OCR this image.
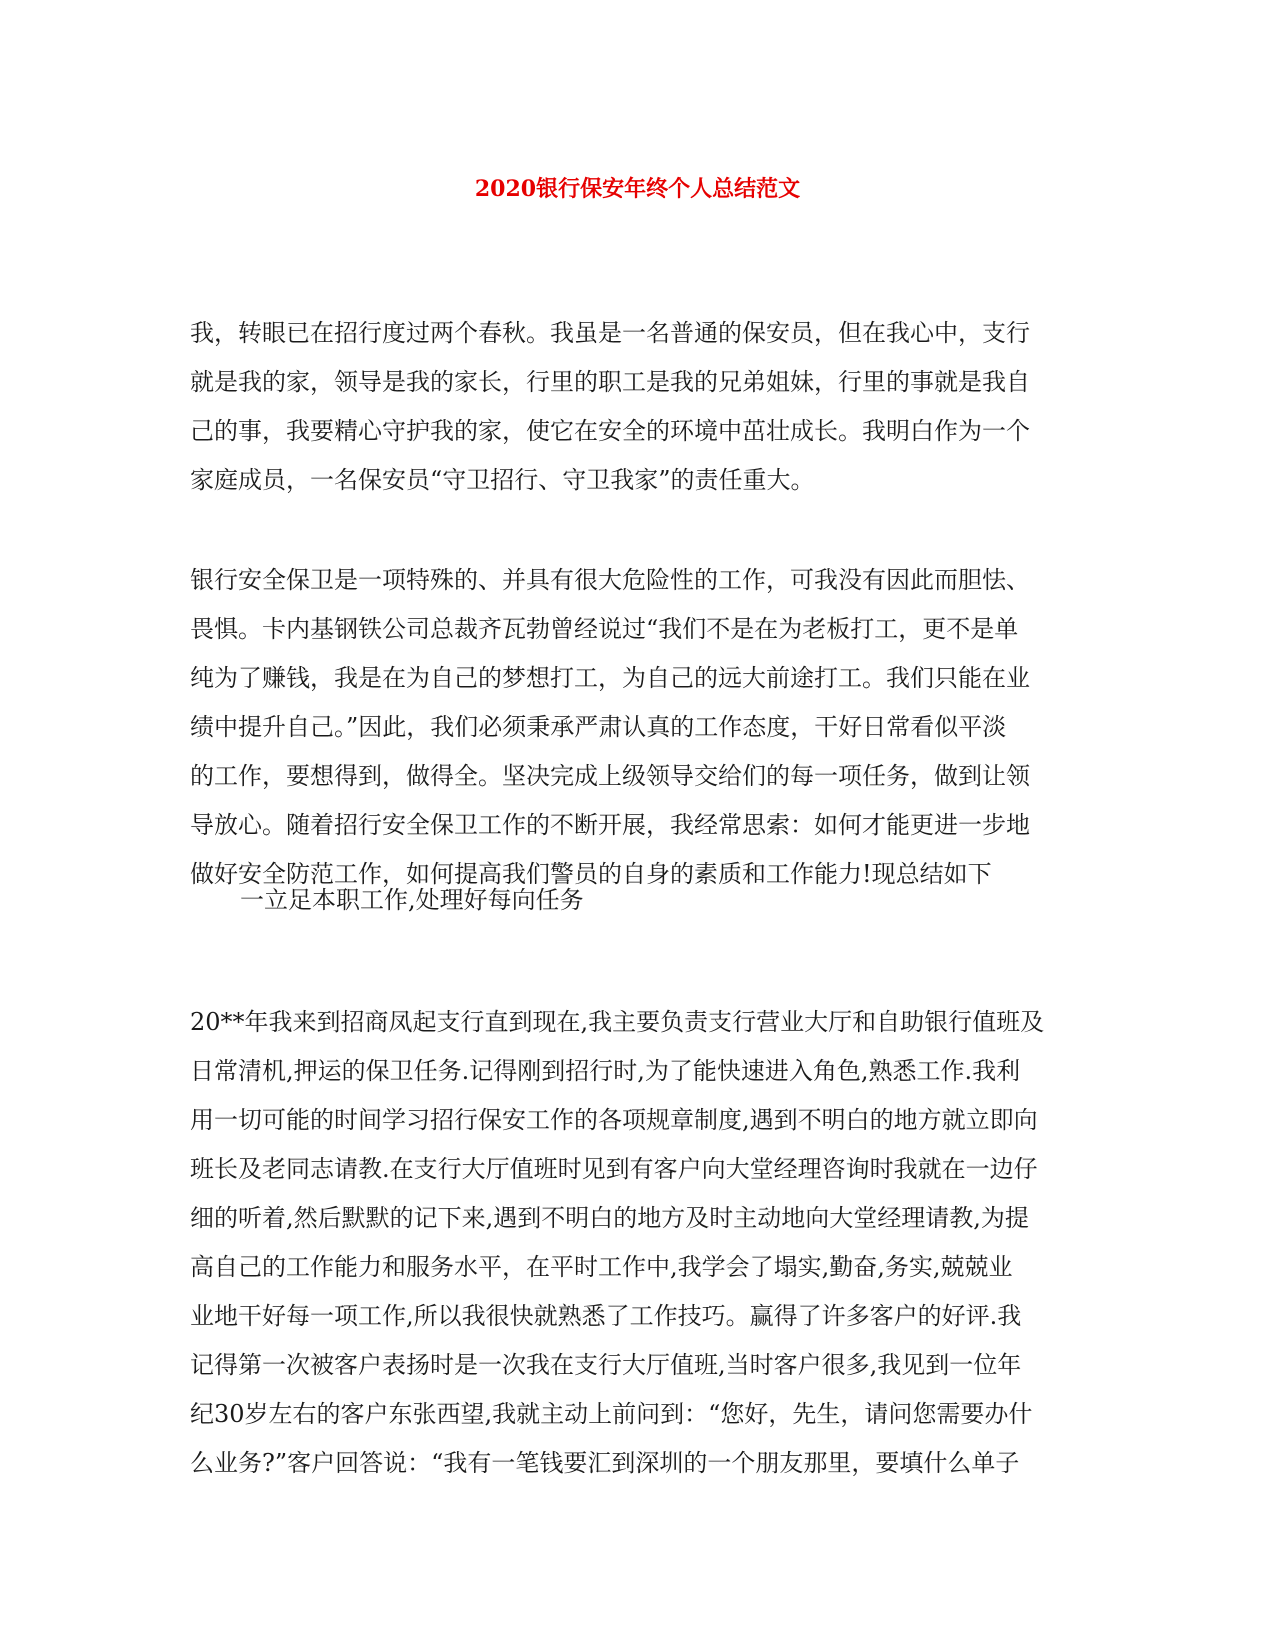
2020银行保安年终个人总结范文
我，转眼已在招行度过两个春秋。我虽是一名普通的保安员，但在我心中，支行
就是我的家，领导是我的家长，行里的职工是我的兄弟姐妹，行里的事就是我自
己的事，我要精心守护我的家，使它在安全的环境中茁壮成长。我明白作为一个
家庭成员，一名保安员“守卫招行、守卫我家”的责任重大。
银行安全保卫是一项特殊的、并具有很大危险性的工作，可我没有因此而胆怯、
畏惧。卡内基钢铁公司总裁齐瓦勃曾经说过“我们不是在为老板打工，更不是单
纯为了赚钱，我是在为自己的梦想打工，为自己的远大前途打工。我们只能在业
绩中提升自己。”因此，我们必须秉承严肃认真的工作态度，干好日常看似平淡
的工作，要想得到，做得全。坚决完成上级领导交给们的每一项任务，做到让领
导放心。随着招行安全保卫工作的不断开展，我经常思索：如何才能更进一步地
做好安全防范工作，如何提高我们警员的自身的素质和工作能力!现总结如下
一立足本职工作,处理好每向任务
20**年我来到招商凤起支行直到现在,我主要负责支行营业大厅和自助银行值班及
日常清机,押运的保卫任务.记得刚到招行时,为了能快速进入角色,熟悉工作.我利
用一切可能的时间学习招行保安工作的各项规章制度,遇到不明白的地方就立即向
班长及老同志请教.在支行大厅值班时见到有客户向大堂经理咨询时我就在一边仔
细的听着,然后默默的记下来,遇到不明白的地方及时主动地向大堂经理请教,为提
高自己的工作能力和服务水平，在平时工作中,我学会了塌实,勤奋,务实,兢兢业
业地干好每一项工作,所以我很快就熟悉了工作技巧。赢得了许多客户的好评.我
记得第一次被客户表扬时是一次我在支行大厅值班,当时客户很多,我见到一位年
纪30岁左右的客户东张西望,我就主动上前问到：“您好，先生，请问您需要办什
么业务?”客户回答说：“我有一笔钱要汇到深圳的一个朋友那里，要填什么单子
